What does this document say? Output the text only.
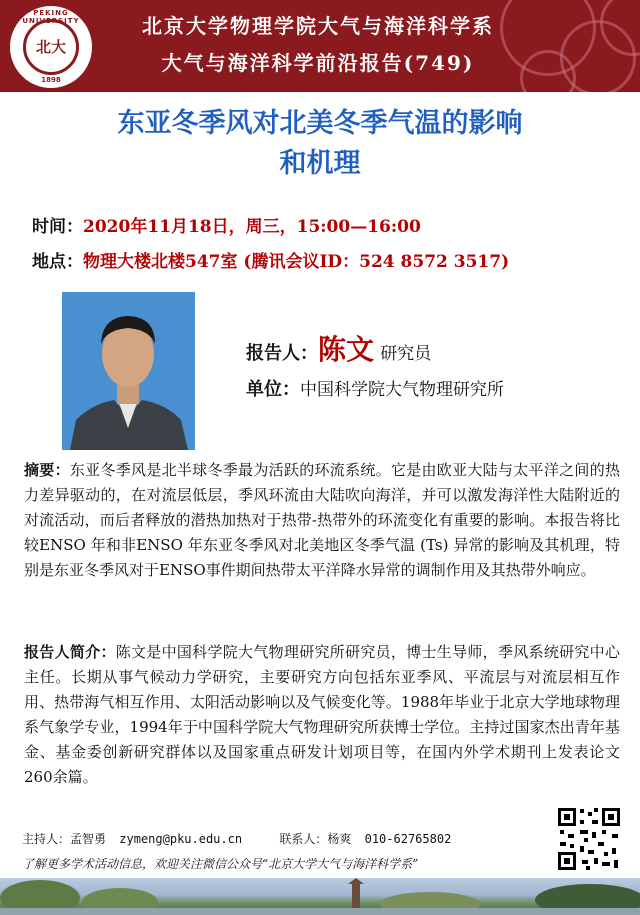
PEKING UNIVERSITY
北大
1898
北京大学物理学院大气与海洋科学系
大气与海洋科学前沿报告(749)
东亚冬季风对北美冬季气温的影响
和机理
时间：2020年11月18日，周三，15:00—16:00
地点：物理大楼北楼547室 (腾讯会议ID：524 8572 3517)
报告人：陈文 研究员
单位：中国科学院大气物理研究所
摘要：东亚冬季风是北半球冬季最为活跃的环流系统。它是由欧亚大陆与太平洋之间的热力差异驱动的，在对流层低层，季风环流由大陆吹向海洋，并可以激发海洋性大陆附近的对流活动，而后者释放的潜热加热对于热带-热带外的环流变化有重要的影响。本报告将比较ENSO 年和非ENSO 年东亚冬季风对北美地区冬季气温 (Ts) 异常的影响及其机理，特别是东亚冬季风对于ENSO事件期间热带太平洋降水异常的调制作用及其热带外响应。
报告人简介：陈文是中国科学院大气物理研究所研究员，博士生导师，季风系统研究中心主任。长期从事气候动力学研究，主要研究方向包括东亚季风、平流层与对流层相互作用、热带海气相互作用、太阳活动影响以及气候变化等。1988年毕业于北京大学地球物理系气象学专业，1994年于中国科学院大气物理研究所获博士学位。主持过国家杰出青年基金、基金委创新研究群体以及国家重点研发计划项目等，在国内外学术期刊上发表论文260余篇。
主持人：孟智勇 zymeng@pku.edu.cn	联系人：杨爽 010-62765802
了解更多学术活动信息，欢迎关注微信公众号“北京大学大气与海洋科学系”
